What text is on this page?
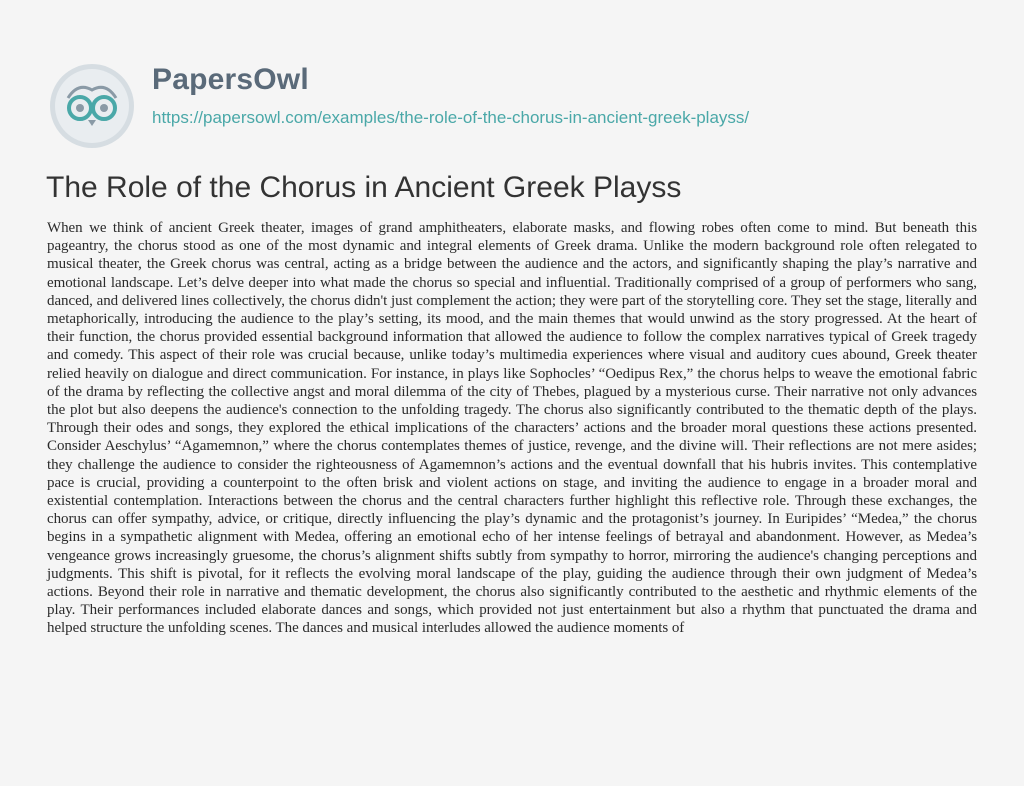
PapersOwl
https://papersowl.com/examples/the-role-of-the-chorus-in-ancient-greek-playss/
The Role of the Chorus in Ancient Greek Playss

When we think of ancient Greek theater, images of grand amphitheaters, elaborate masks, and flowing robes often come to mind. But beneath this pageantry, the chorus stood as one of the most dynamic and integral elements of Greek drama. Unlike the modern background role often relegated to musical theater, the Greek chorus was central, acting as a bridge between the audience and the actors, and significantly shaping the play’s narrative and emotional landscape. Let’s delve deeper into what made the chorus so special and influential. Traditionally comprised of a group of performers who sang, danced, and delivered lines collectively, the chorus didn't just complement the action; they were part of the storytelling core. They set the stage, literally and metaphorically, introducing the audience to the play’s setting, its mood, and the main themes that would unwind as the story progressed. At the heart of their function, the chorus provided essential background information that allowed the audience to follow the complex narratives typical of Greek tragedy and comedy. This aspect of their role was crucial because, unlike today’s multimedia experiences where visual and auditory cues abound, Greek theater relied heavily on dialogue and direct communication. For instance, in plays like Sophocles’ “Oedipus Rex,” the chorus helps to weave the emotional fabric of the drama by reflecting the collective angst and moral dilemma of the city of Thebes, plagued by a mysterious curse. Their narrative not only advances the plot but also deepens the audience's connection to the unfolding tragedy. The chorus also significantly contributed to the thematic depth of the plays. Through their odes and songs, they explored the ethical implications of the characters’ actions and the broader moral questions these actions presented. Consider Aeschylus’ “Agamemnon,” where the chorus contemplates themes of justice, revenge, and the divine will. Their reflections are not mere asides; they challenge the audience to consider the righteousness of Agamemnon’s actions and the eventual downfall that his hubris invites. This contemplative pace is crucial, providing a counterpoint to the often brisk and violent actions on stage, and inviting the audience to engage in a broader moral and existential contemplation. Interactions between the chorus and the central characters further highlight this reflective role. Through these exchanges, the chorus can offer sympathy, advice, or critique, directly influencing the play’s dynamic and the protagonist’s journey. In Euripides’ “Medea,” the chorus begins in a sympathetic alignment with Medea, offering an emotional echo of her intense feelings of betrayal and abandonment. However, as Medea’s vengeance grows increasingly gruesome, the chorus’s alignment shifts subtly from sympathy to horror, mirroring the audience's changing perceptions and judgments. This shift is pivotal, for it reflects the evolving moral landscape of the play, guiding the audience through their own judgment of Medea’s actions. Beyond their role in narrative and thematic development, the chorus also significantly contributed to the aesthetic and rhythmic elements of the play. Their performances included elaborate dances and songs, which provided not just entertainment but also a rhythm that punctuated the drama and helped structure the unfolding scenes. The dances and musical interludes allowed the audience moments of
